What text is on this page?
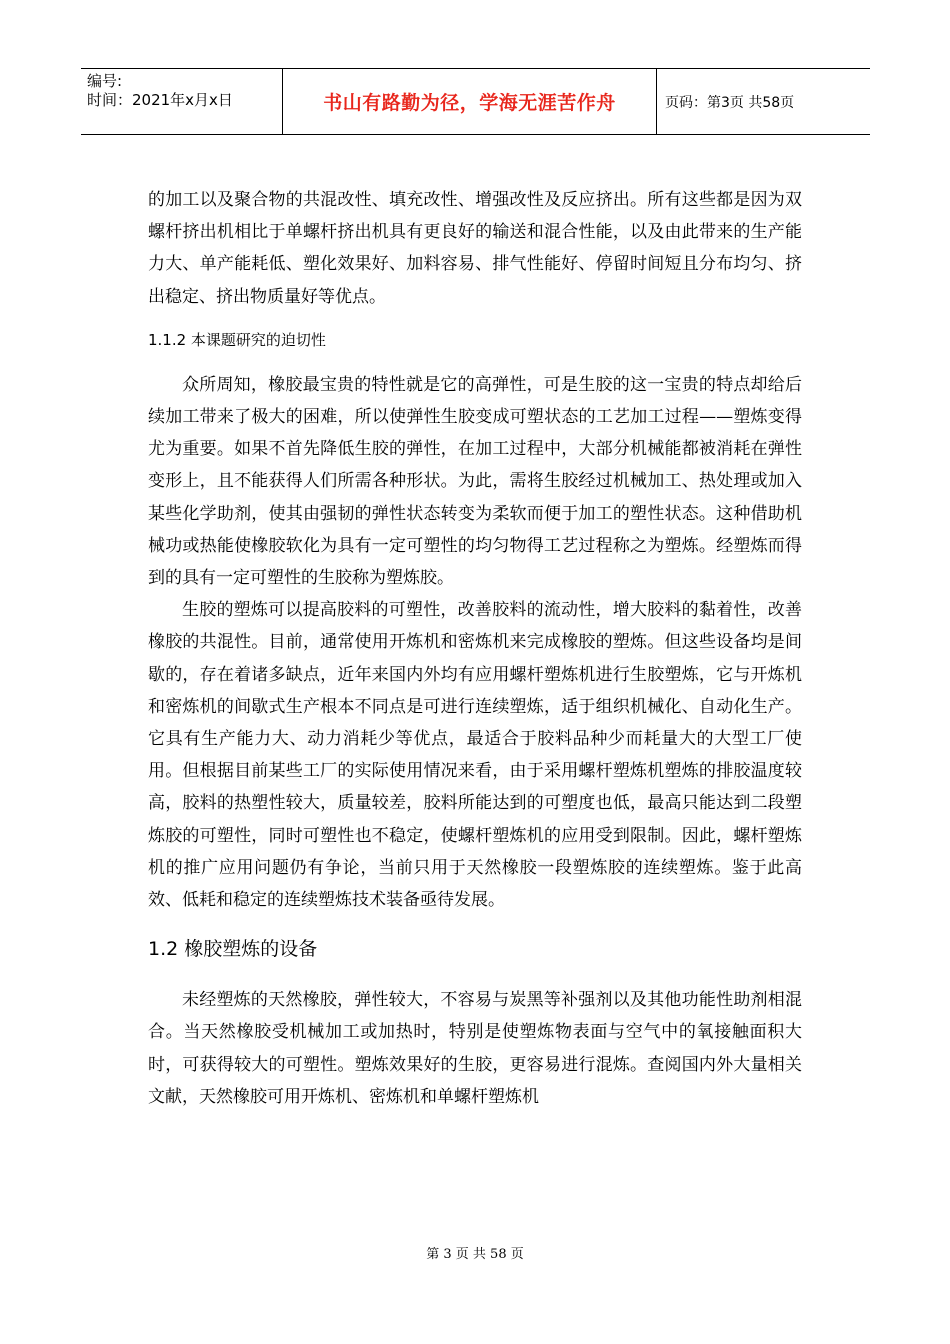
编号:
时间：2021年x月x日	书山有路勤为径，学海无涯苦作舟	页码：第3页 共58页

的加工以及聚合物的共混改性、填充改性、增强改性及反应挤出。所有这些都是因为双螺杆挤出机相比于单螺杆挤出机具有更良好的输送和混合性能，以及由此带来的生产能力大、单产能耗低、塑化效果好、加料容易、排气性能好、停留时间短且分布均匀、挤出稳定、挤出物质量好等优点。

1.1.2 本课题研究的迫切性

众所周知，橡胶最宝贵的特性就是它的高弹性，可是生胶的这一宝贵的特点却给后续加工带来了极大的困难，所以使弹性生胶变成可塑状态的工艺加工过程——塑炼变得尤为重要。如果不首先降低生胶的弹性，在加工过程中，大部分机械能都被消耗在弹性变形上，且不能获得人们所需各种形状。为此，需将生胶经过机械加工、热处理或加入某些化学助剂，使其由强韧的弹性状态转变为柔软而便于加工的塑性状态。这种借助机械功或热能使橡胶软化为具有一定可塑性的均匀物得工艺过程称之为塑炼。经塑炼而得到的具有一定可塑性的生胶称为塑炼胶。

生胶的塑炼可以提高胶料的可塑性，改善胶料的流动性，增大胶料的黏着性，改善橡胶的共混性。目前，通常使用开炼机和密炼机来完成橡胶的塑炼。但这些设备均是间歇的，存在着诸多缺点，近年来国内外均有应用螺杆塑炼机进行生胶塑炼，它与开炼机和密炼机的间歇式生产根本不同点是可进行连续塑炼，适于组织机械化、自动化生产。它具有生产能力大、动力消耗少等优点，最适合于胶料品种少而耗量大的大型工厂使用。但根据目前某些工厂的实际使用情况来看，由于采用螺杆塑炼机塑炼的排胶温度较高，胶料的热塑性较大，质量较差，胶料所能达到的可塑度也低，最高只能达到二段塑炼胶的可塑性，同时可塑性也不稳定，使螺杆塑炼机的应用受到限制。因此，螺杆塑炼机的推广应用问题仍有争论，当前只用于天然橡胶一段塑炼胶的连续塑炼。鉴于此高效、低耗和稳定的连续塑炼技术装备亟待发展。

1.2 橡胶塑炼的设备

未经塑炼的天然橡胶，弹性较大，不容易与炭黑等补强剂以及其他功能性助剂相混合。当天然橡胶受机械加工或加热时，特别是使塑炼物表面与空气中的氧接触面积大时，可获得较大的可塑性。塑炼效果好的生胶，更容易进行混炼。查阅国内外大量相关文献，天然橡胶可用开炼机、密炼机和单螺杆塑炼机

第 3 页 共 58 页
